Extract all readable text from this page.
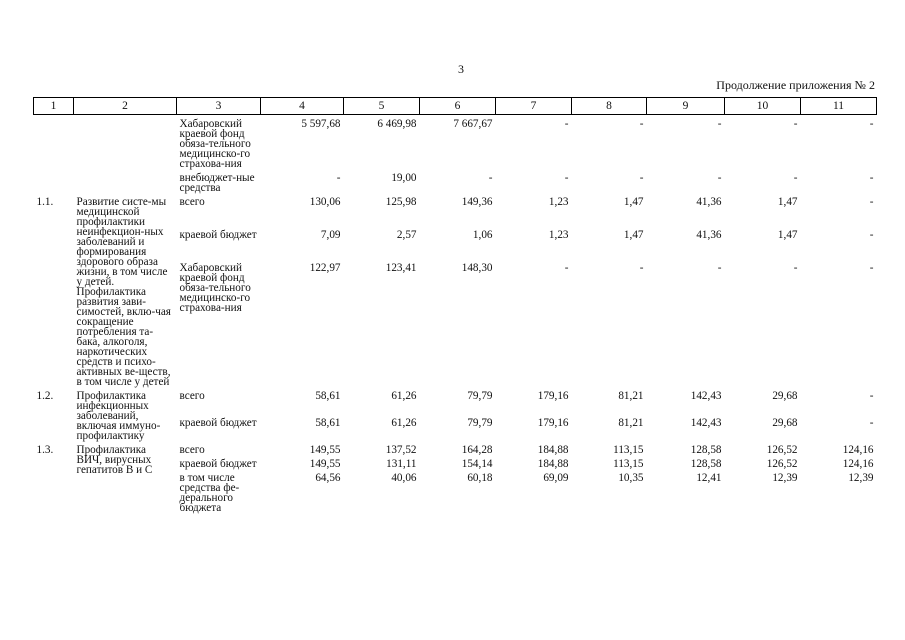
3
Продолжение приложения № 2
1	2	3	4	5	6	7	8	9	10	11
		Хабаровский краевой фонд обяза-тельного медицинско-го страхова-ния	5 597,68	6 469,98	7 667,67	-	-	-	-	-
		внебюджет-ные средства	-	19,00	-	-	-	-	-	-
1.1.	Развитие систе-мы медицинской профилактики неинфекцион-ных заболеваний и формирования здорового образа жизни, в том числе у детей. Профилактика развития зави-симостей, вклю-чая сокращение потребления та-бака, алкоголя, наркотических средств и психо-активных ве-ществ, в том числе у детей	всего	130,06	125,98	149,36	1,23	1,47	41,36	1,47	-
		краевой бюджет	7,09	2,57	1,06	1,23	1,47	41,36	1,47	-
		Хабаровский краевой фонд обяза-тельного медицинско-го страхова-ния	122,97	123,41	148,30	-	-	-	-	-
1.2.	Профилактика инфекционных заболеваний, включая иммуно-профилактику	всего	58,61	61,26	79,79	179,16	81,21	142,43	29,68	-
		краевой бюджет	58,61	61,26	79,79	179,16	81,21	142,43	29,68	-
1.3.	Профилактика ВИЧ, вирусных гепатитов В и С	всего	149,55	137,52	164,28	184,88	113,15	128,58	126,52	124,16
		краевой бюджет	149,55	131,11	154,14	184,88	113,15	128,58	126,52	124,16
		в том числе средства фе-дерального бюджета	64,56	40,06	60,18	69,09	10,35	12,41	12,39	12,39
